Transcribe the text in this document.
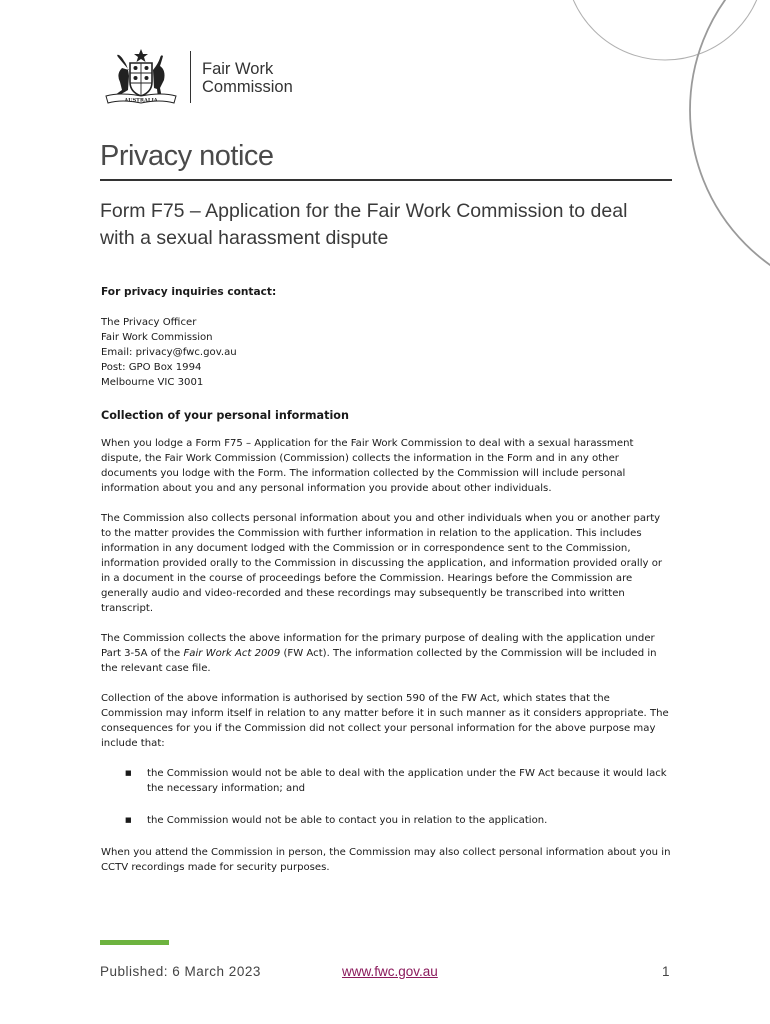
AUSTRALIA
Fair Work
Commission
Privacy notice
Form F75 – Application for the Fair Work Commission to deal with a sexual harassment dispute

For privacy inquiries contact:

The Privacy Officer
Fair Work Commission
Email: privacy@fwc.gov.au
Post: GPO Box 1994
Melbourne VIC 3001

Collection of your personal information

When you lodge a Form F75 – Application for the Fair Work Commission to deal with a sexual harassment dispute, the Fair Work Commission (Commission) collects the information in the Form and in any other documents you lodge with the Form. The information collected by the Commission will include personal information about you and any personal information you provide about other individuals.

The Commission also collects personal information about you and other individuals when you or another party to the matter provides the Commission with further information in relation to the application. This includes information in any document lodged with the Commission or in correspondence sent to the Commission, information provided orally to the Commission in discussing the application, and information provided orally or in a document in the course of proceedings before the Commission. Hearings before the Commission are generally audio and video-recorded and these recordings may subsequently be transcribed into written transcript.

The Commission collects the above information for the primary purpose of dealing with the application under Part 3-5A of the Fair Work Act 2009 (FW Act). The information collected by the Commission will be included in the relevant case file.

Collection of the above information is authorised by section 590 of the FW Act, which states that the Commission may inform itself in relation to any matter before it in such manner as it considers appropriate. The consequences for you if the Commission did not collect your personal information for the above purpose may include that:

■ the Commission would not be able to deal with the application under the FW Act because it would lack the necessary information; and
■ the Commission would not be able to contact you in relation to the application.

When you attend the Commission in person, the Commission may also collect personal information about you in CCTV recordings made for security purposes.

Published: 6 March 2023	www.fwc.gov.au	1
